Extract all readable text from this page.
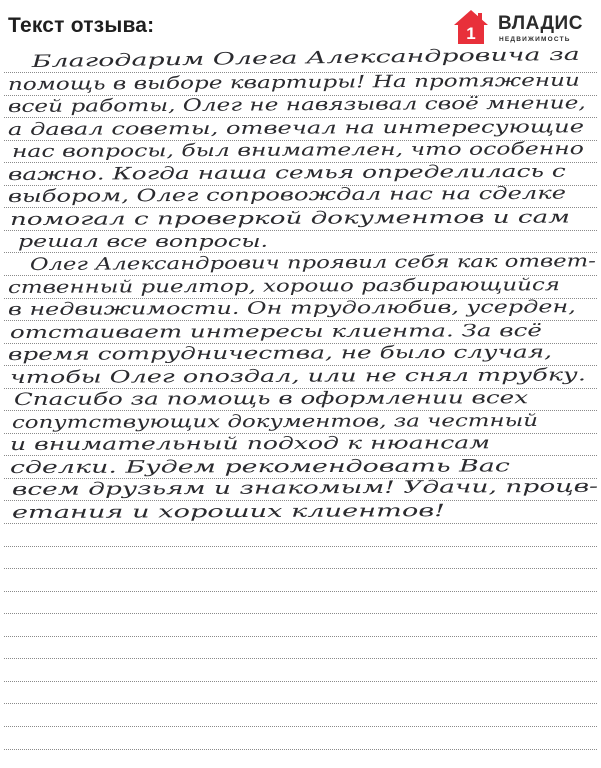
Текст отзыва:	1 ВЛАДИС
НЕДВИЖИМОСТЬ
Благодарим Олега Александровича за
помощь в выборе квартиры! На протяжении
всей работы, Олег не навязывал своё мнение,
а давал советы, отвечал на интересующие
нас вопросы, был внимателен, что особенно
важно. Когда наша семья определилась с
выбором, Олег сопровождал нас на сделке
помогал с проверкой документов и сам
решал все вопросы.
Олег Александрович проявил себя как ответ-
ственный риелтор, хорошо разбирающийся
в недвижимости. Он трудолюбив, усерден,
отстаивает интересы клиента. За всё
время сотрудничества, не было случая,
чтобы Олег опоздал, или не снял трубку.
Спасибо за помощь в оформлении всех
сопутствующих документов, за честный
и внимательный подход к нюансам
сделки. Будем рекомендовать Вас
всем друзьям и знакомым! Удачи, процв-
етания и хороших клиентов!
